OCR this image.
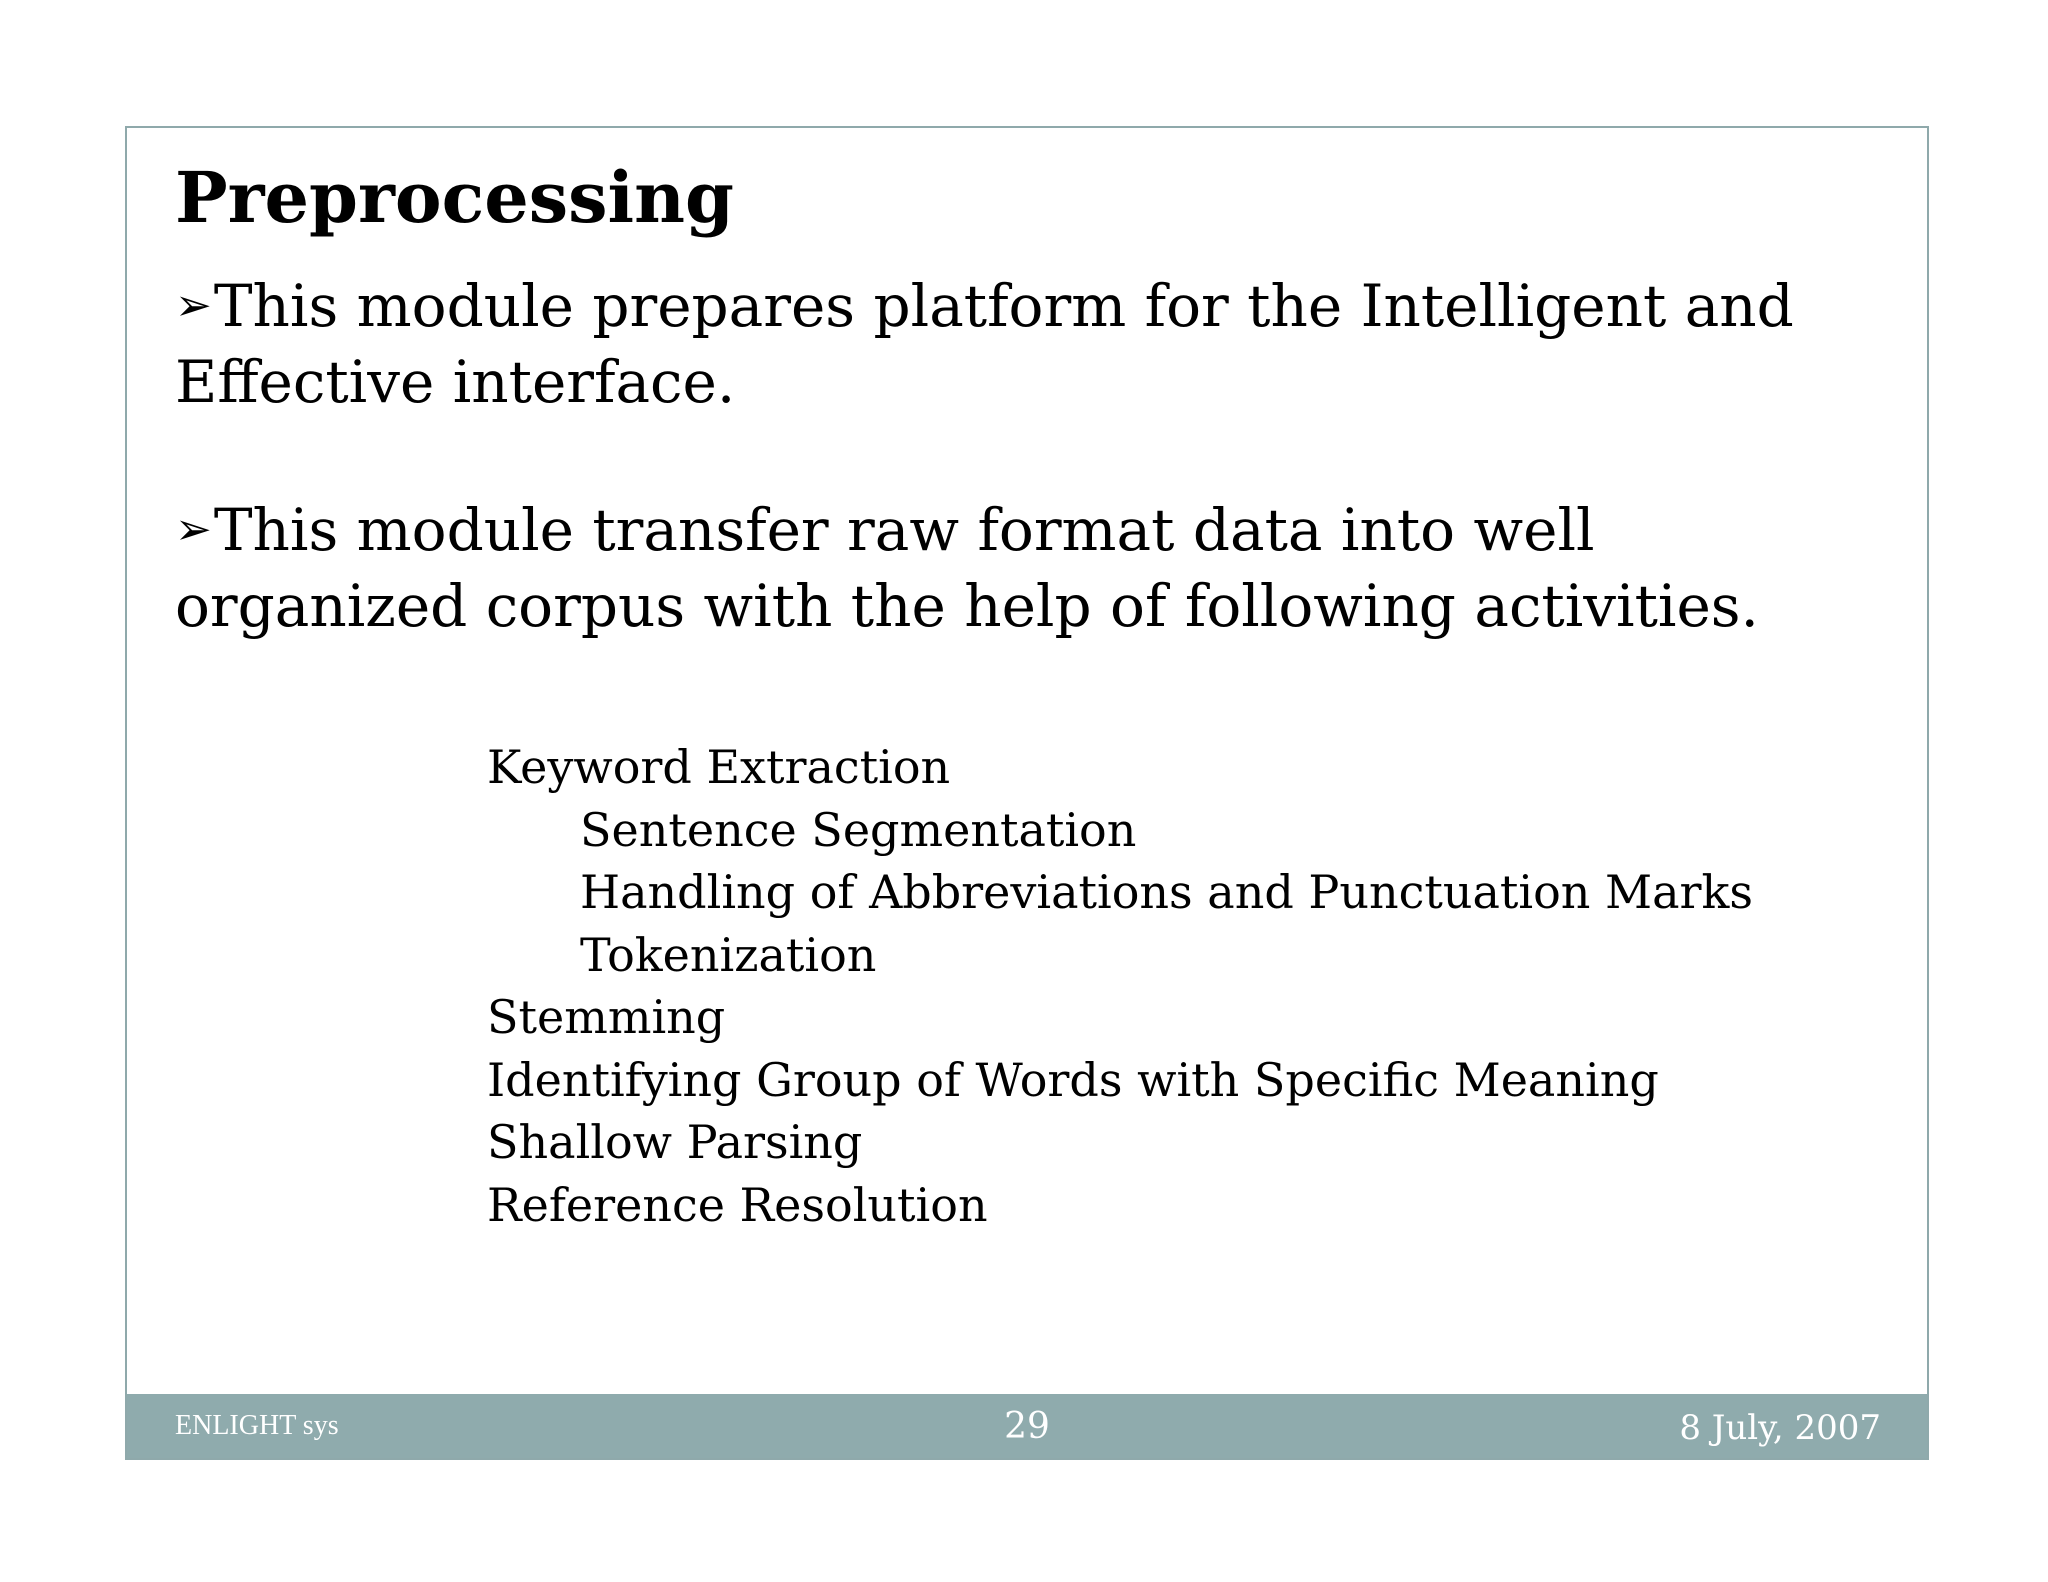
Preprocessing
➢This module prepares platform for the Intelligent and Effective interface.
➢This module transfer raw format data into well organized corpus with the help of following activities.
Keyword Extraction
Sentence Segmentation
Handling of Abbreviations and Punctuation Marks
Tokenization
Stemming
Identifying Group of Words with Specific Meaning
Shallow Parsing
Reference Resolution
ENLIGHT sys	29	8 July, 2007
